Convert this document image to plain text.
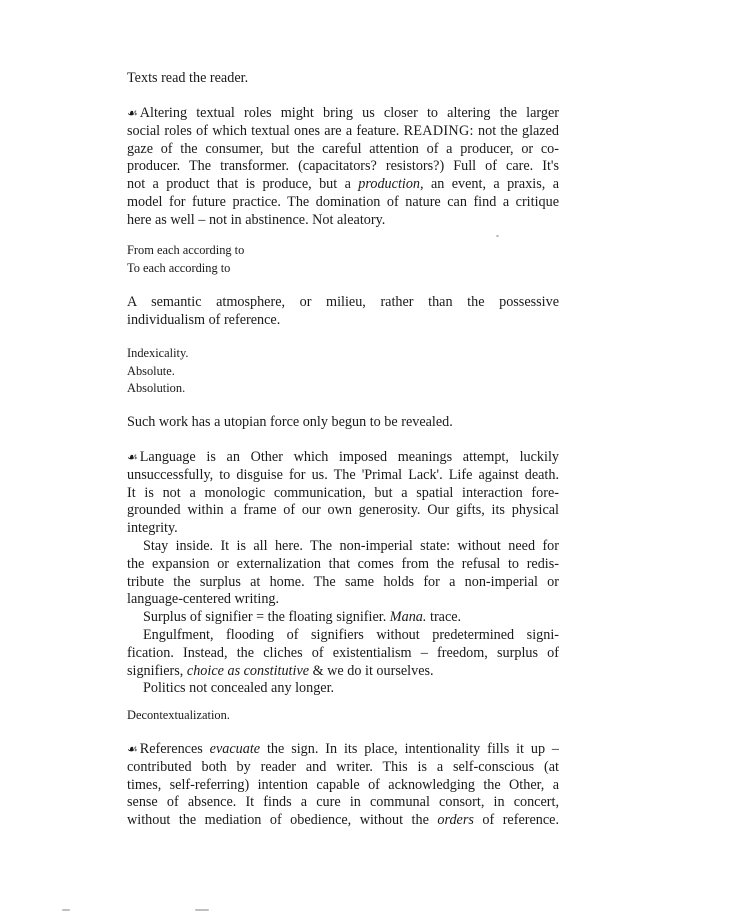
Texts read the reader.
☙ Altering textual roles might bring us closer to altering the larger
social roles of which textual ones are a feature. READING: not the glazed
gaze of the consumer, but the careful attention of a producer, or co-
producer. The transformer. (capacitators? resistors?) Full of care. It's
not a product that is produce, but a production, an event, a praxis, a
model for future practice. The domination of nature can find a critique
here as well – not in abstinence. Not aleatory.
From each according to
To each according to
A semantic atmosphere, or milieu, rather than the possessive
individualism of reference.
Indexicality.
Absolute.
Absolution.
Such work has a utopian force only begun to be revealed.
☙ Language is an Other which imposed meanings attempt, luckily
unsuccessfully, to disguise for us. The 'Primal Lack'. Life against death.
It is not a monologic communication, but a spatial interaction fore-
grounded within a frame of our own generosity. Our gifts, its physical
integrity.
Stay inside. It is all here. The non-imperial state: without need for
the expansion or externalization that comes from the refusal to redis-
tribute the surplus at home. The same holds for a non-imperial or
language-centered writing.
Surplus of signifier = the floating signifier. Mana. trace.
Engulfment, flooding of signifiers without predetermined signi-
fication. Instead, the cliches of existentialism – freedom, surplus of
signifiers, choice as constitutive & we do it ourselves.
Politics not concealed any longer.
Decontextualization.
☙ References evacuate the sign. In its place, intentionality fills it up –
contributed both by reader and writer. This is a self-conscious (at
times, self-referring) intention capable of acknowledging the Other, a
sense of absence. It finds a cure in communal consort, in concert,
without the mediation of obedience, without the orders of reference.
